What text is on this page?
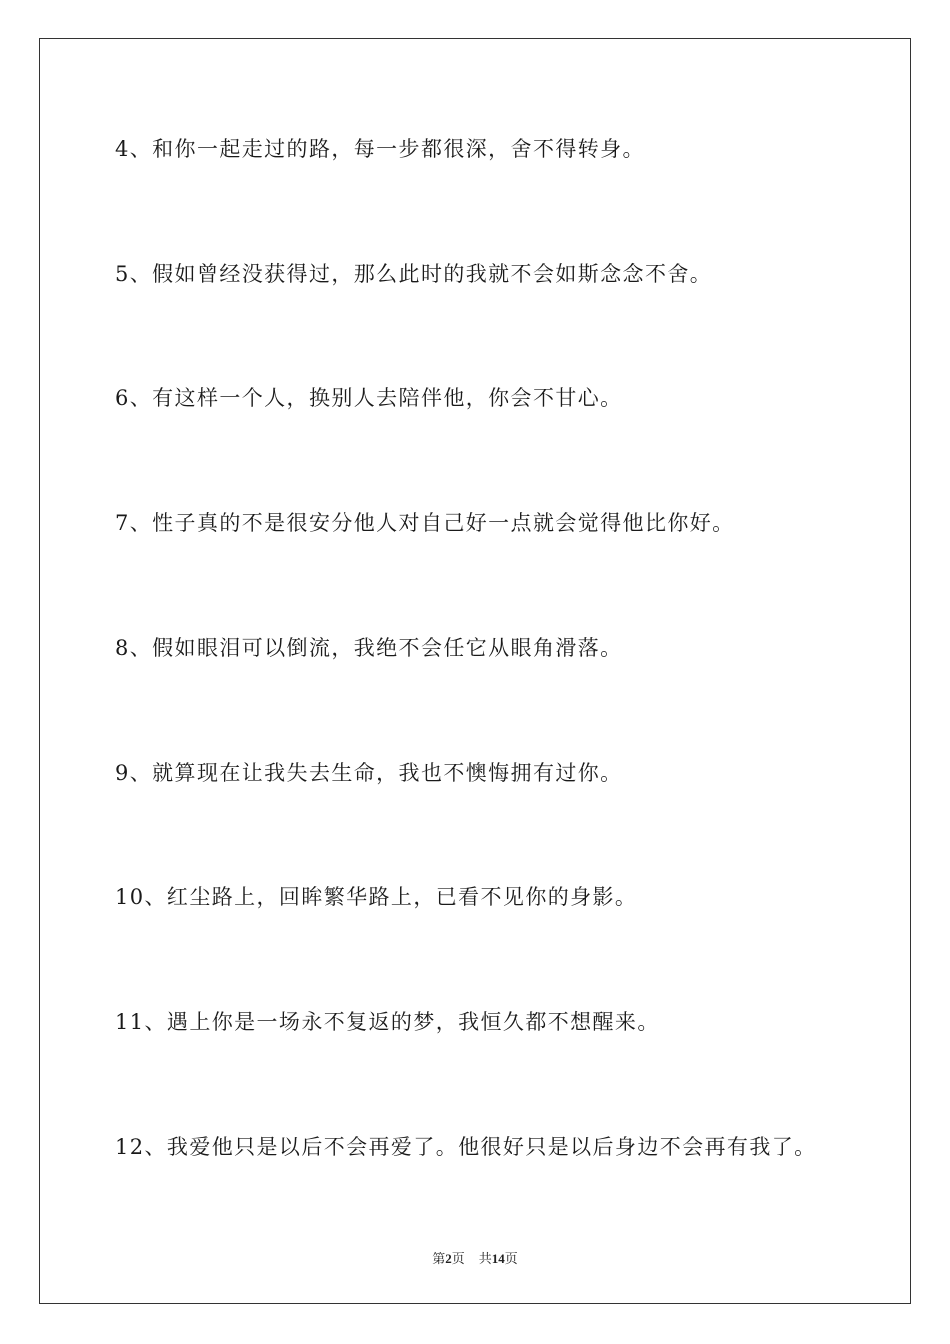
4、和你一起走过的路，每一步都很深，舍不得转身。

5、假如曾经没获得过，那么此时的我就不会如斯念念不舍。

6、有这样一个人，换别人去陪伴他，你会不甘心。

7、性子真的不是很安分他人对自己好一点就会觉得他比你好。

8、假如眼泪可以倒流，我绝不会任它从眼角滑落。

9、就算现在让我失去生命，我也不懊悔拥有过你。

10、红尘路上，回眸繁华路上，已看不见你的身影。

11、遇上你是一场永不复返的梦，我恒久都不想醒来。

12、我爱他只是以后不会再爱了。他很好只是以后身边不会再有我了。

第2页 共14页
